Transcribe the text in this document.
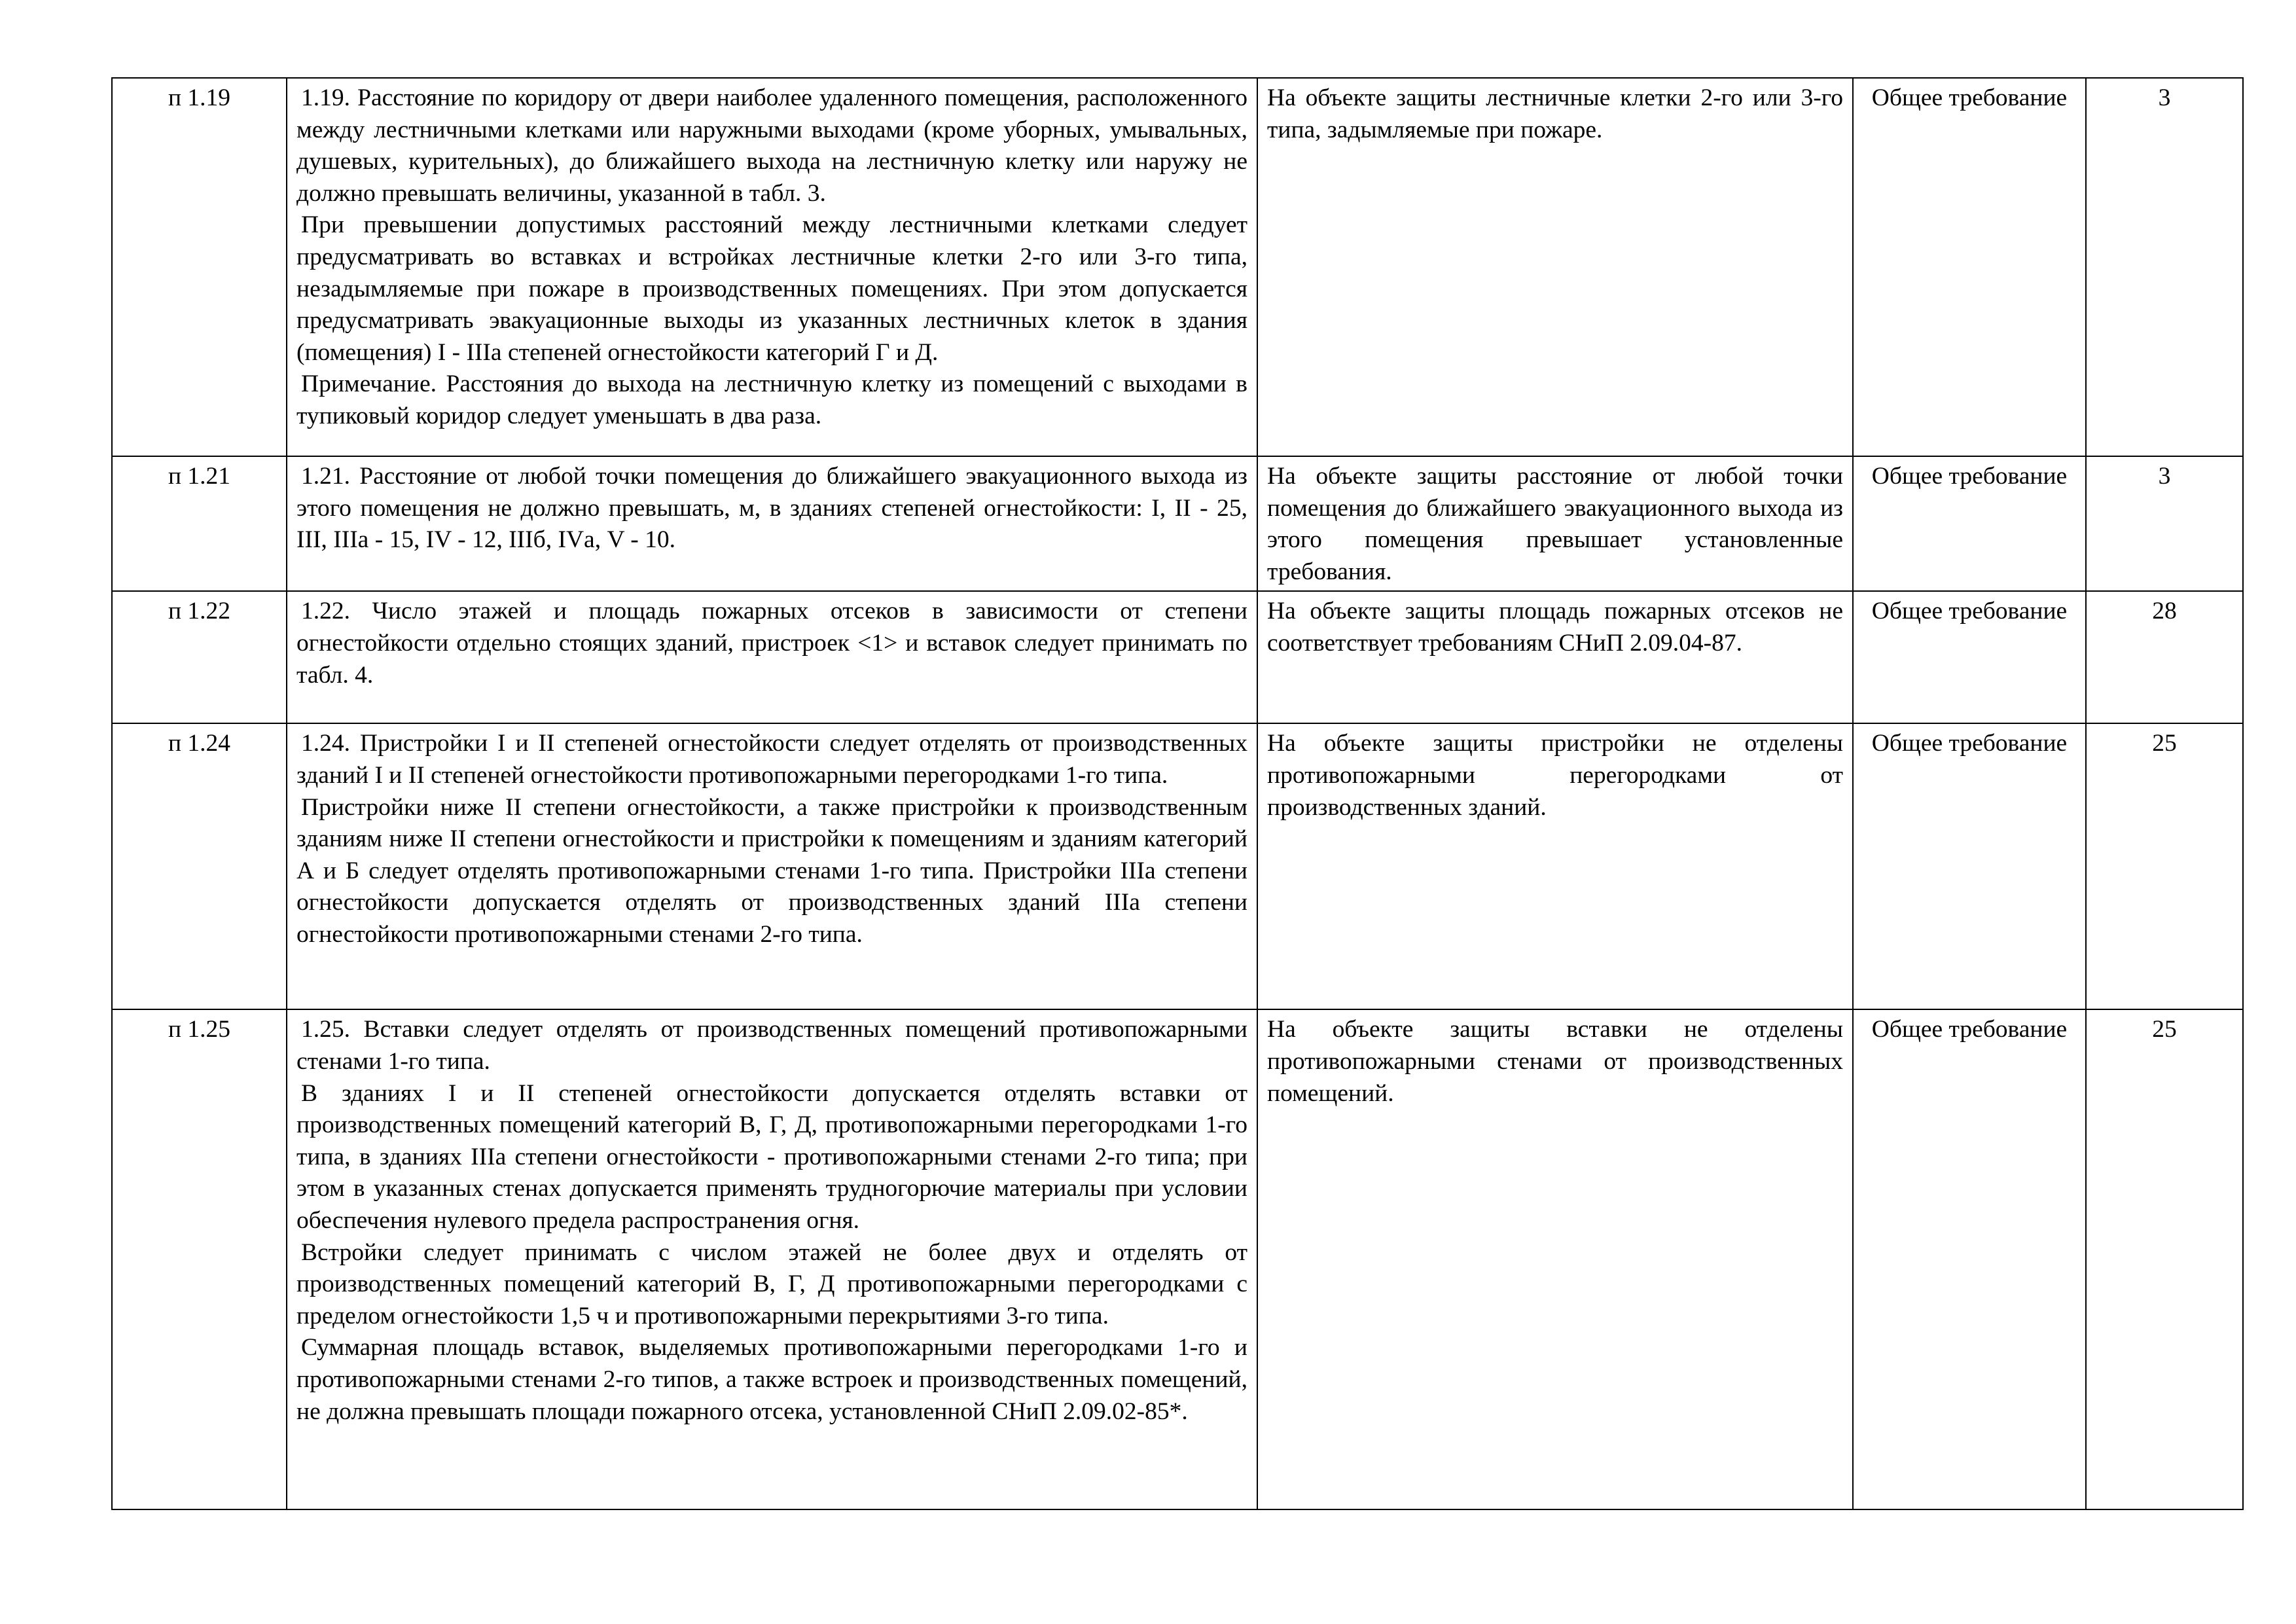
п 1.19	1.19. Расстояние по коридору от двери наиболее удаленного помещения, расположенного между лестничными клетками или наружными выходами (кроме уборных, умывальных, душевых, курительных), до ближайшего выхода на лестничную клетку или наружу не должно превышать величины, указанной в табл. 3.

При превышении допустимых расстояний между лестничными клетками следует предусматривать во вставках и встройках лестничные клетки 2-го или 3-го типа, незадымляемые при пожаре в производственных помещениях. При этом допускается предусматривать эвакуационные выходы из указанных лестничных клеток в здания (помещения) I - IIIа степеней огнестойкости категорий Г и Д.

Примечание. Расстояния до выхода на лестничную клетку из помещений с выходами в тупиковый коридор следует уменьшать в два раза.	На объекте защиты лестничные клетки 2-го или 3-го типа, задымляемые при пожаре.	Общее требование	3
п 1.21	1.21. Расстояние от любой точки помещения до ближайшего эвакуационного выхода из этого помещения не должно превышать, м, в зданиях степеней огнестойкости: I, II - 25, III, IIIа - 15, IV - 12, IIIб, IVа, V - 10.	На объекте защиты расстояние от любой точки помещения до ближайшего эвакуационного выхода из этого помещения превышает установленные требования.	Общее требование	3
п 1.22	1.22. Число этажей и площадь пожарных отсеков в зависимости от степени огнестойкости отдельно стоящих зданий, пристроек <1> и вставок следует принимать по табл. 4.	На объекте защиты площадь пожарных отсеков не соответствует требованиям СНиП 2.09.04-87.	Общее требование	28
п 1.24	1.24. Пристройки I и II степеней огнестойкости следует отделять от производственных зданий I и II степеней огнестойкости противопожарными перегородками 1-го типа.

Пристройки ниже II степени огнестойкости, а также пристройки к производственным зданиям ниже II степени огнестойкости и пристройки к помещениям и зданиям категорий А и Б следует отделять противопожарными стенами 1-го типа. Пристройки IIIа степени огнестойкости допускается отделять от производственных зданий IIIа степени огнестойкости противопожарными стенами 2-го типа.	На объекте защиты пристройки не отделены противопожарными перегородками от производственных зданий.	Общее требование	25
п 1.25	1.25. Вставки следует отделять от производственных помещений противопожарными стенами 1-го типа.

В зданиях I и II степеней огнестойкости допускается отделять вставки от производственных помещений категорий В, Г, Д, противопожарными перегородками 1-го типа, в зданиях IIIа степени огнестойкости - противопожарными стенами 2-го типа; при этом в указанных стенах допускается применять трудногорючие материалы при условии обеспечения нулевого предела распространения огня.

Встройки следует принимать с числом этажей не более двух и отделять от производственных помещений категорий В, Г, Д противопожарными перегородками с пределом огнестойкости 1,5 ч и противопожарными перекрытиями 3-го типа.

Суммарная площадь вставок, выделяемых противопожарными перегородками 1-го и противопожарными стенами 2-го типов, а также встроек и производственных помещений, не должна превышать площади пожарного отсека, установленной СНиП 2.09.02-85*.	На объекте защиты вставки не отделены противопожарными стенами от производственных помещений.	Общее требование	25
